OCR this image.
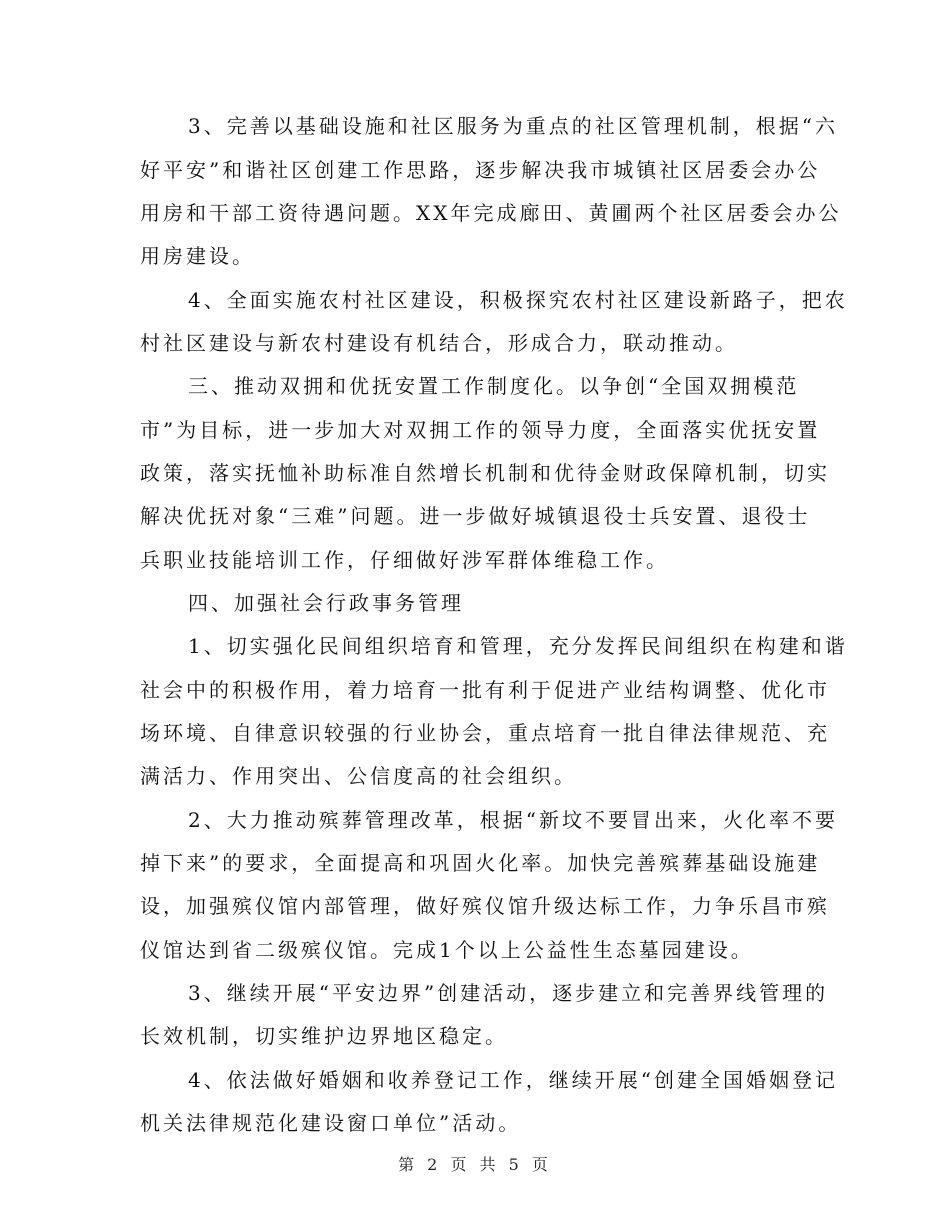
3、完善以基础设施和社区服务为重点的社区管理机制，根据“六
好平安”和谐社区创建工作思路，逐步解决我市城镇社区居委会办公
用房和干部工资待遇问题。XX年完成廊田、黄圃两个社区居委会办公
用房建设。
4、全面实施农村社区建设，积极探究农村社区建设新路子，把农
村社区建设与新农村建设有机结合，形成合力，联动推动。
三、推动双拥和优抚安置工作制度化。以争创“全国双拥模范
市”为目标，进一步加大对双拥工作的领导力度，全面落实优抚安置
政策，落实抚恤补助标准自然增长机制和优待金财政保障机制，切实
解决优抚对象“三难”问题。进一步做好城镇退役士兵安置、退役士
兵职业技能培训工作，仔细做好涉军群体维稳工作。
四、加强社会行政事务管理
1、切实强化民间组织培育和管理，充分发挥民间组织在构建和谐
社会中的积极作用，着力培育一批有利于促进产业结构调整、优化市
场环境、自律意识较强的行业协会，重点培育一批自律法律规范、充
满活力、作用突出、公信度高的社会组织。
2、大力推动殡葬管理改革，根据“新坟不要冒出来，火化率不要
掉下来”的要求，全面提高和巩固火化率。加快完善殡葬基础设施建
设，加强殡仪馆内部管理，做好殡仪馆升级达标工作，力争乐昌市殡
仪馆达到省二级殡仪馆。完成1个以上公益性生态墓园建设。
3、继续开展“平安边界”创建活动，逐步建立和完善界线管理的
长效机制，切实维护边界地区稳定。
4、依法做好婚姻和收养登记工作，继续开展“创建全国婚姻登记
机关法律规范化建设窗口单位”活动。
第 2 页 共 5 页
